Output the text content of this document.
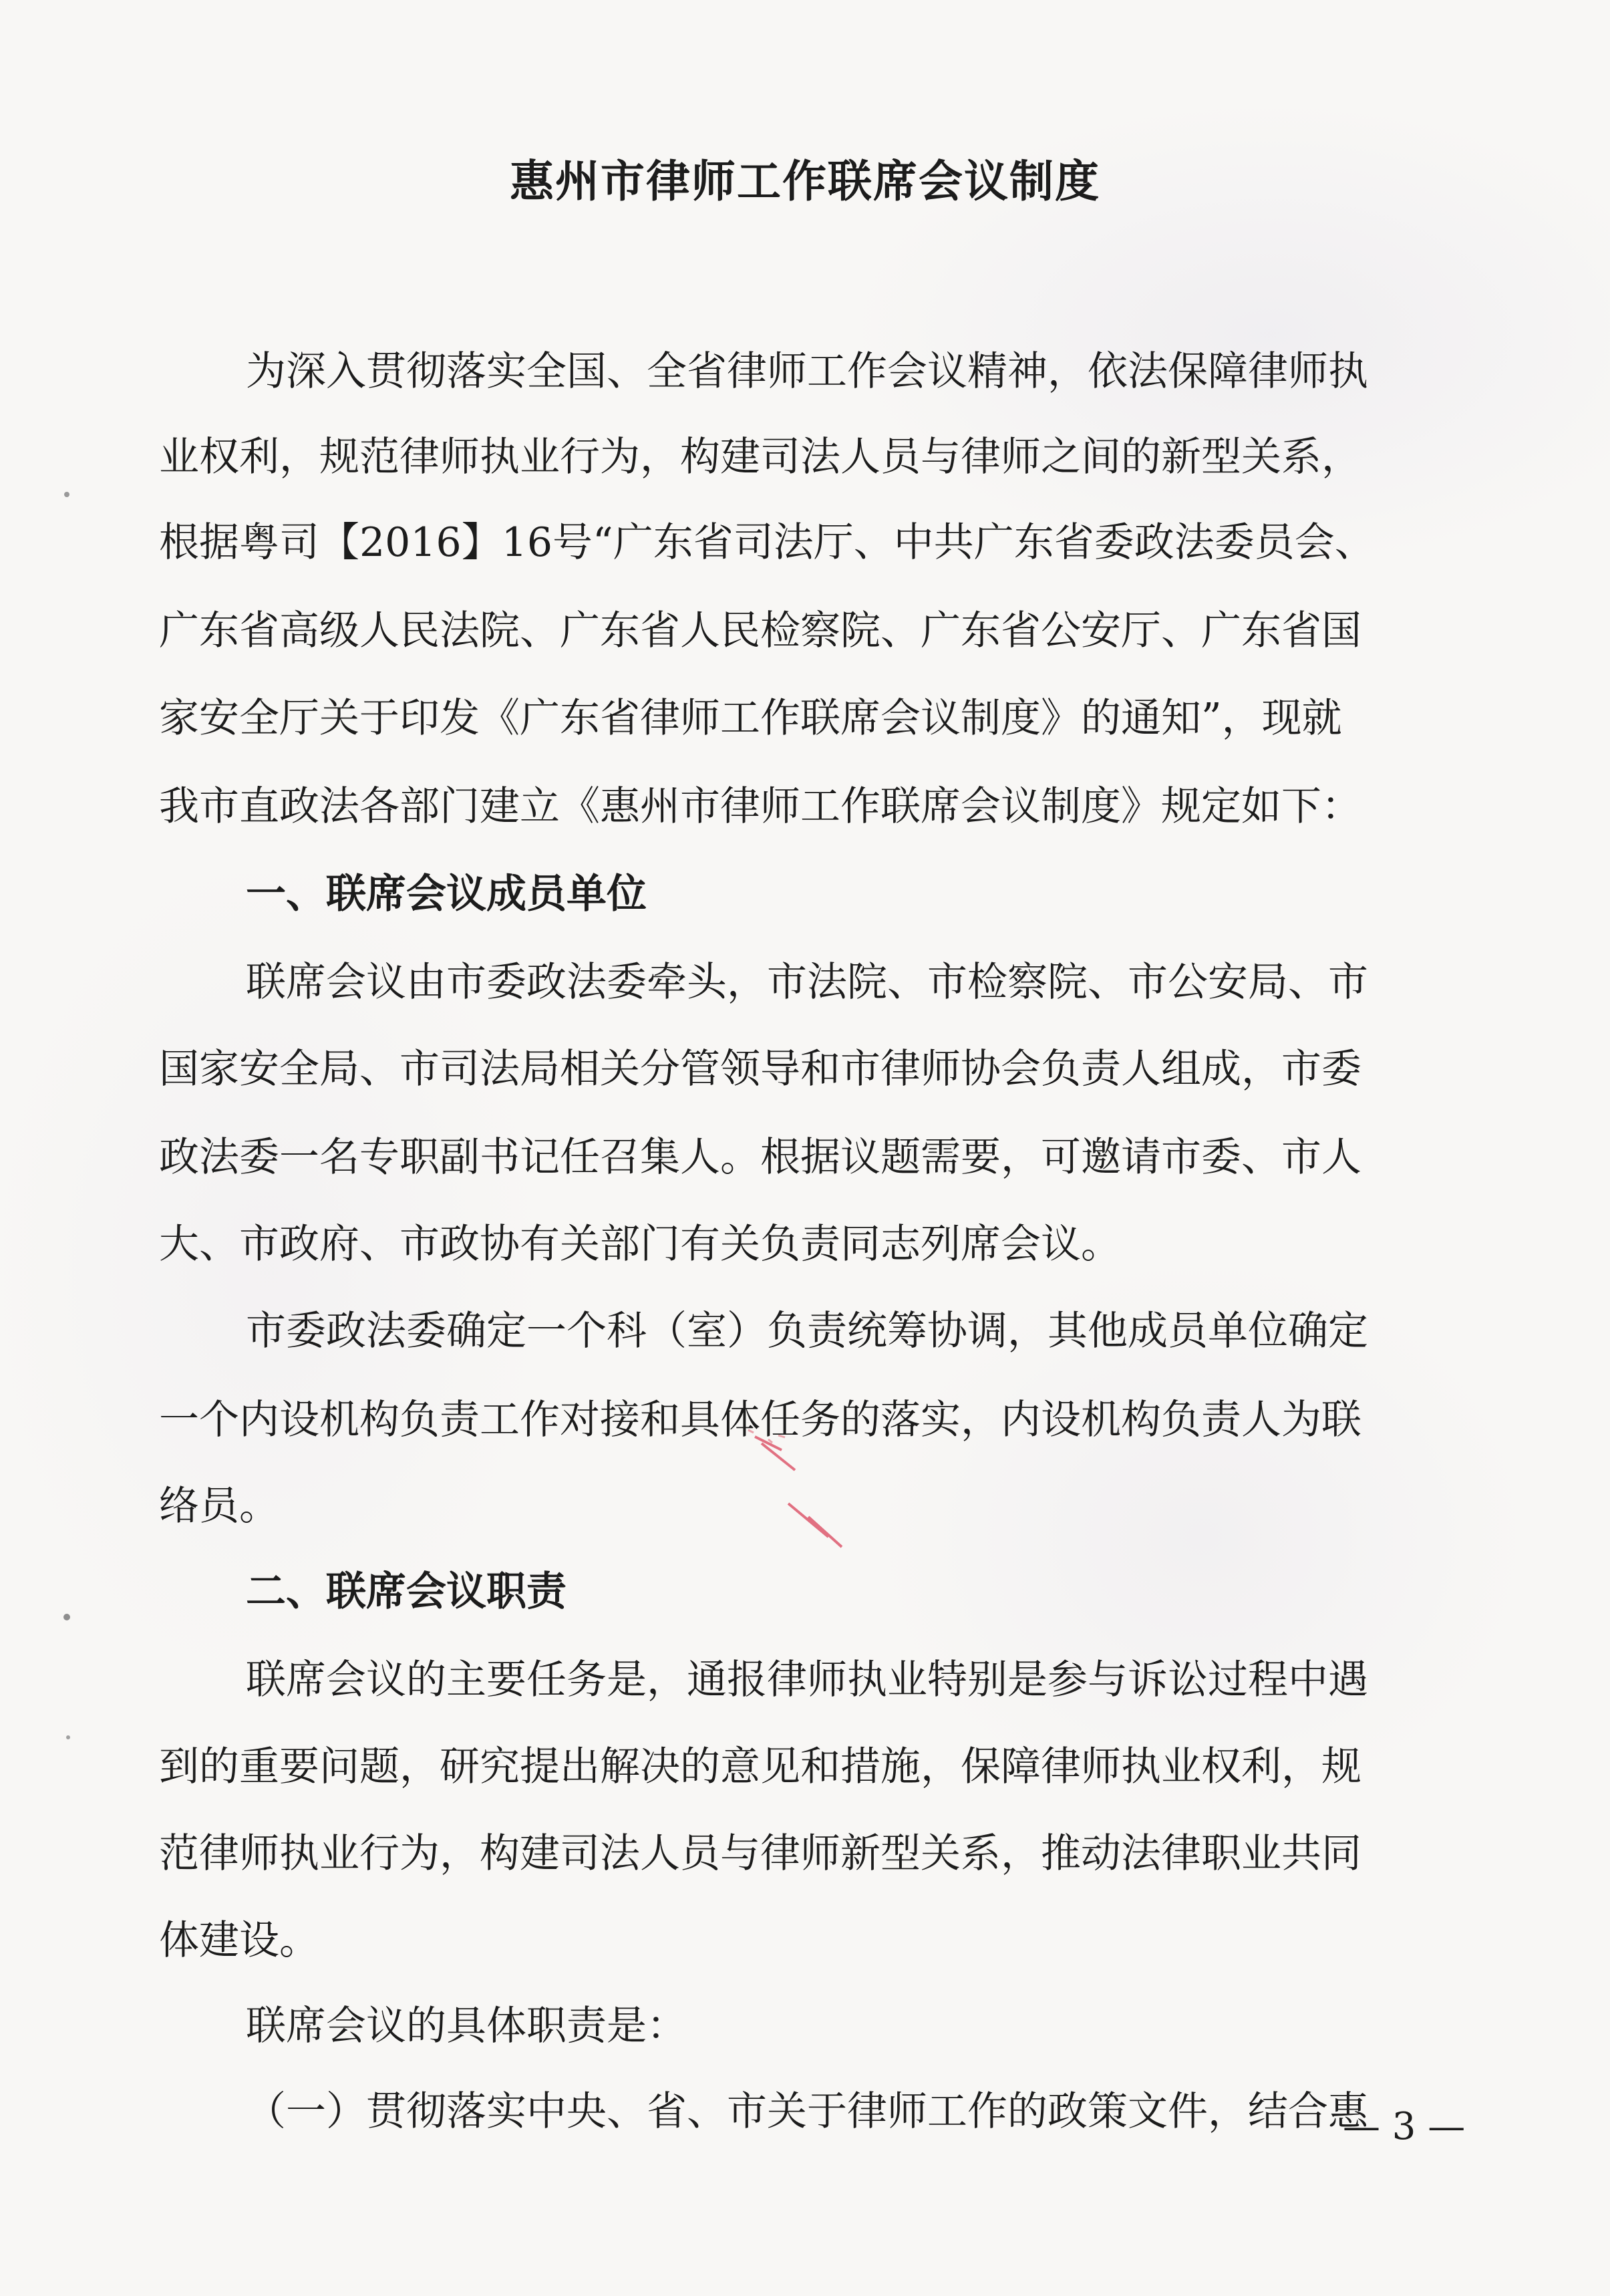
惠州市律师工作联席会议制度
为深入贯彻落实全国、全省律师工作会议精神，依法保障律师执
业权利，规范律师执业行为，构建司法人员与律师之间的新型关系，
根据粤司【2016】16号“广东省司法厅、中共广东省委政法委员会、
广东省高级人民法院、广东省人民检察院、广东省公安厅、广东省国
家安全厅关于印发《广东省律师工作联席会议制度》的通知”，现就
我市直政法各部门建立《惠州市律师工作联席会议制度》规定如下：
一、联席会议成员单位
联席会议由市委政法委牵头，市法院、市检察院、市公安局、市
国家安全局、市司法局相关分管领导和市律师协会负责人组成，市委
政法委一名专职副书记任召集人。根据议题需要，可邀请市委、市人
大、市政府、市政协有关部门有关负责同志列席会议。
市委政法委确定一个科（室）负责统筹协调，其他成员单位确定
一个内设机构负责工作对接和具体任务的落实，内设机构负责人为联
络员。
二、联席会议职责
联席会议的主要任务是，通报律师执业特别是参与诉讼过程中遇
到的重要问题，研究提出解决的意见和措施，保障律师执业权利，规
范律师执业行为，构建司法人员与律师新型关系，推动法律职业共同
体建设。
联席会议的具体职责是：
（一）贯彻落实中央、省、市关于律师工作的政策文件，结合惠
— 3 —
